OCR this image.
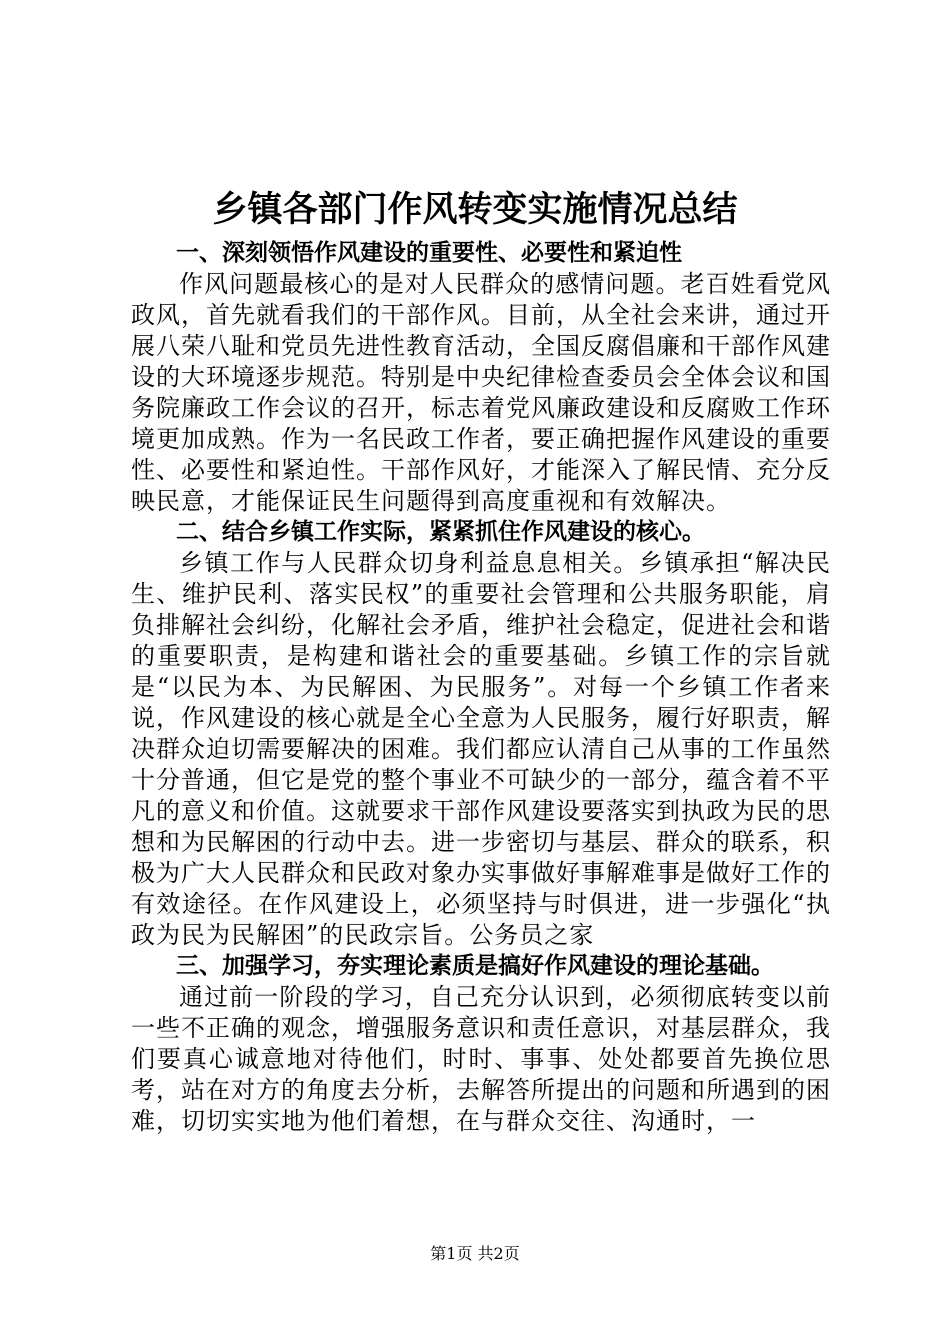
乡镇各部门作风转变实施情况总结

一、深刻领悟作风建设的重要性、必要性和紧迫性

作风问题最核心的是对人民群众的感情问题。老百姓看党风政风，首先就看我们的干部作风。目前，从全社会来讲，通过开展八荣八耻和党员先进性教育活动，全国反腐倡廉和干部作风建设的大环境逐步规范。特别是中央纪律检查委员会全体会议和国务院廉政工作会议的召开，标志着党风廉政建设和反腐败工作环境更加成熟。作为一名民政工作者，要正确把握作风建设的重要性、必要性和紧迫性。干部作风好，才能深入了解民情、充分反映民意，才能保证民生问题得到高度重视和有效解决。

二、结合乡镇工作实际，紧紧抓住作风建设的核心。

乡镇工作与人民群众切身利益息息相关。乡镇承担“解决民生、维护民利、落实民权”的重要社会管理和公共服务职能，肩负排解社会纠纷，化解社会矛盾，维护社会稳定，促进社会和谐的重要职责，是构建和谐社会的重要基础。乡镇工作的宗旨就是“以民为本、为民解困、为民服务”。对每一个乡镇工作者来说，作风建设的核心就是全心全意为人民服务，履行好职责，解决群众迫切需要解决的困难。我们都应认清自己从事的工作虽然十分普通，但它是党的整个事业不可缺少的一部分，蕴含着不平凡的意义和价值。这就要求干部作风建设要落实到执政为民的思想和为民解困的行动中去。进一步密切与基层、群众的联系，积极为广大人民群众和民政对象办实事做好事解难事是做好工作的有效途径。在作风建设上，必须坚持与时俱进，进一步强化“执政为民为民解困”的民政宗旨。公务员之家

三、加强学习，夯实理论素质是搞好作风建设的理论基础。

通过前一阶段的学习，自己充分认识到，必须彻底转变以前一些不正确的观念，增强服务意识和责任意识，对基层群众，我们要真心诚意地对待他们，时时、事事、处处都要首先换位思考，站在对方的角度去分析，去解答所提出的问题和所遇到的困难，切切实实地为他们着想，在与群众交往、沟通时，一

第1页 共2页
